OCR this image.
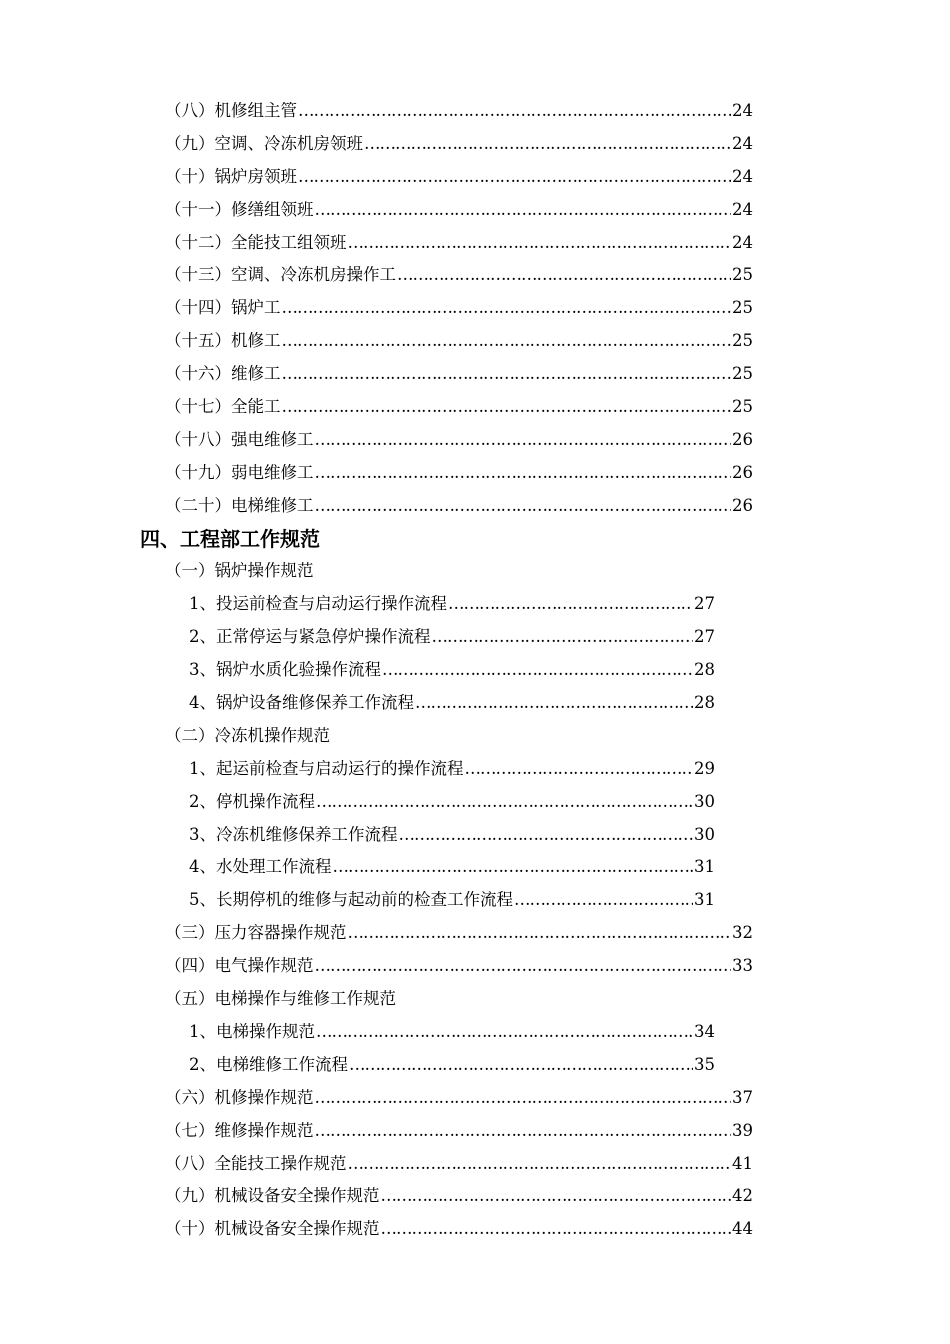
（八）机修组主管 ……………………………………………………………………………………………………………………………………………………………………	24
（九）空调、冷冻机房领班 ……………………………………………………………………………………………………………………………………………………………………	24
（十）锅炉房领班 ……………………………………………………………………………………………………………………………………………………………………	24
（十一）修缮组领班 ……………………………………………………………………………………………………………………………………………………………………	24
（十二）全能技工组领班 ……………………………………………………………………………………………………………………………………………………………………	24
（十三）空调、冷冻机房操作工 ……………………………………………………………………………………………………………………………………………………………………	25
（十四）锅炉工 ……………………………………………………………………………………………………………………………………………………………………	25
（十五）机修工 ……………………………………………………………………………………………………………………………………………………………………	25
（十六）维修工 ……………………………………………………………………………………………………………………………………………………………………	25
（十七）全能工 ……………………………………………………………………………………………………………………………………………………………………	25
（十八）强电维修工 ……………………………………………………………………………………………………………………………………………………………………	26
（十九）弱电维修工 ……………………………………………………………………………………………………………………………………………………………………	26
（二十）电梯维修工 ……………………………………………………………………………………………………………………………………………………………………	26
四、工程部工作规范
（一）锅炉操作规范
1、投运前检查与启动运行操作流程 ……………………………………………………………………………………………………………………………………………………………………	27
2、正常停运与紧急停炉操作流程 ……………………………………………………………………………………………………………………………………………………………………	27
3、锅炉水质化验操作流程 ……………………………………………………………………………………………………………………………………………………………………	28
4、锅炉设备维修保养工作流程 ……………………………………………………………………………………………………………………………………………………………………	28
（二）冷冻机操作规范
1、起运前检查与启动运行的操作流程 ……………………………………………………………………………………………………………………………………………………………………	29
2、停机操作流程 ……………………………………………………………………………………………………………………………………………………………………	30
3、冷冻机维修保养工作流程 ……………………………………………………………………………………………………………………………………………………………………	30
4、水处理工作流程 ……………………………………………………………………………………………………………………………………………………………………	31
5、长期停机的维修与起动前的检查工作流程 ……………………………………………………………………………………………………………………………………………………………………	31
（三）压力容器操作规范 ……………………………………………………………………………………………………………………………………………………………………	32
（四）电气操作规范 ……………………………………………………………………………………………………………………………………………………………………	33
（五）电梯操作与维修工作规范
1、电梯操作规范 ……………………………………………………………………………………………………………………………………………………………………	34
2、电梯维修工作流程 ……………………………………………………………………………………………………………………………………………………………………	35
（六）机修操作规范 ……………………………………………………………………………………………………………………………………………………………………	37
（七）维修操作规范 ……………………………………………………………………………………………………………………………………………………………………	39
（八）全能技工操作规范 ……………………………………………………………………………………………………………………………………………………………………	41
（九）机械设备安全操作规范 ……………………………………………………………………………………………………………………………………………………………………	42
（十）机械设备安全操作规范 ……………………………………………………………………………………………………………………………………………………………………	44
